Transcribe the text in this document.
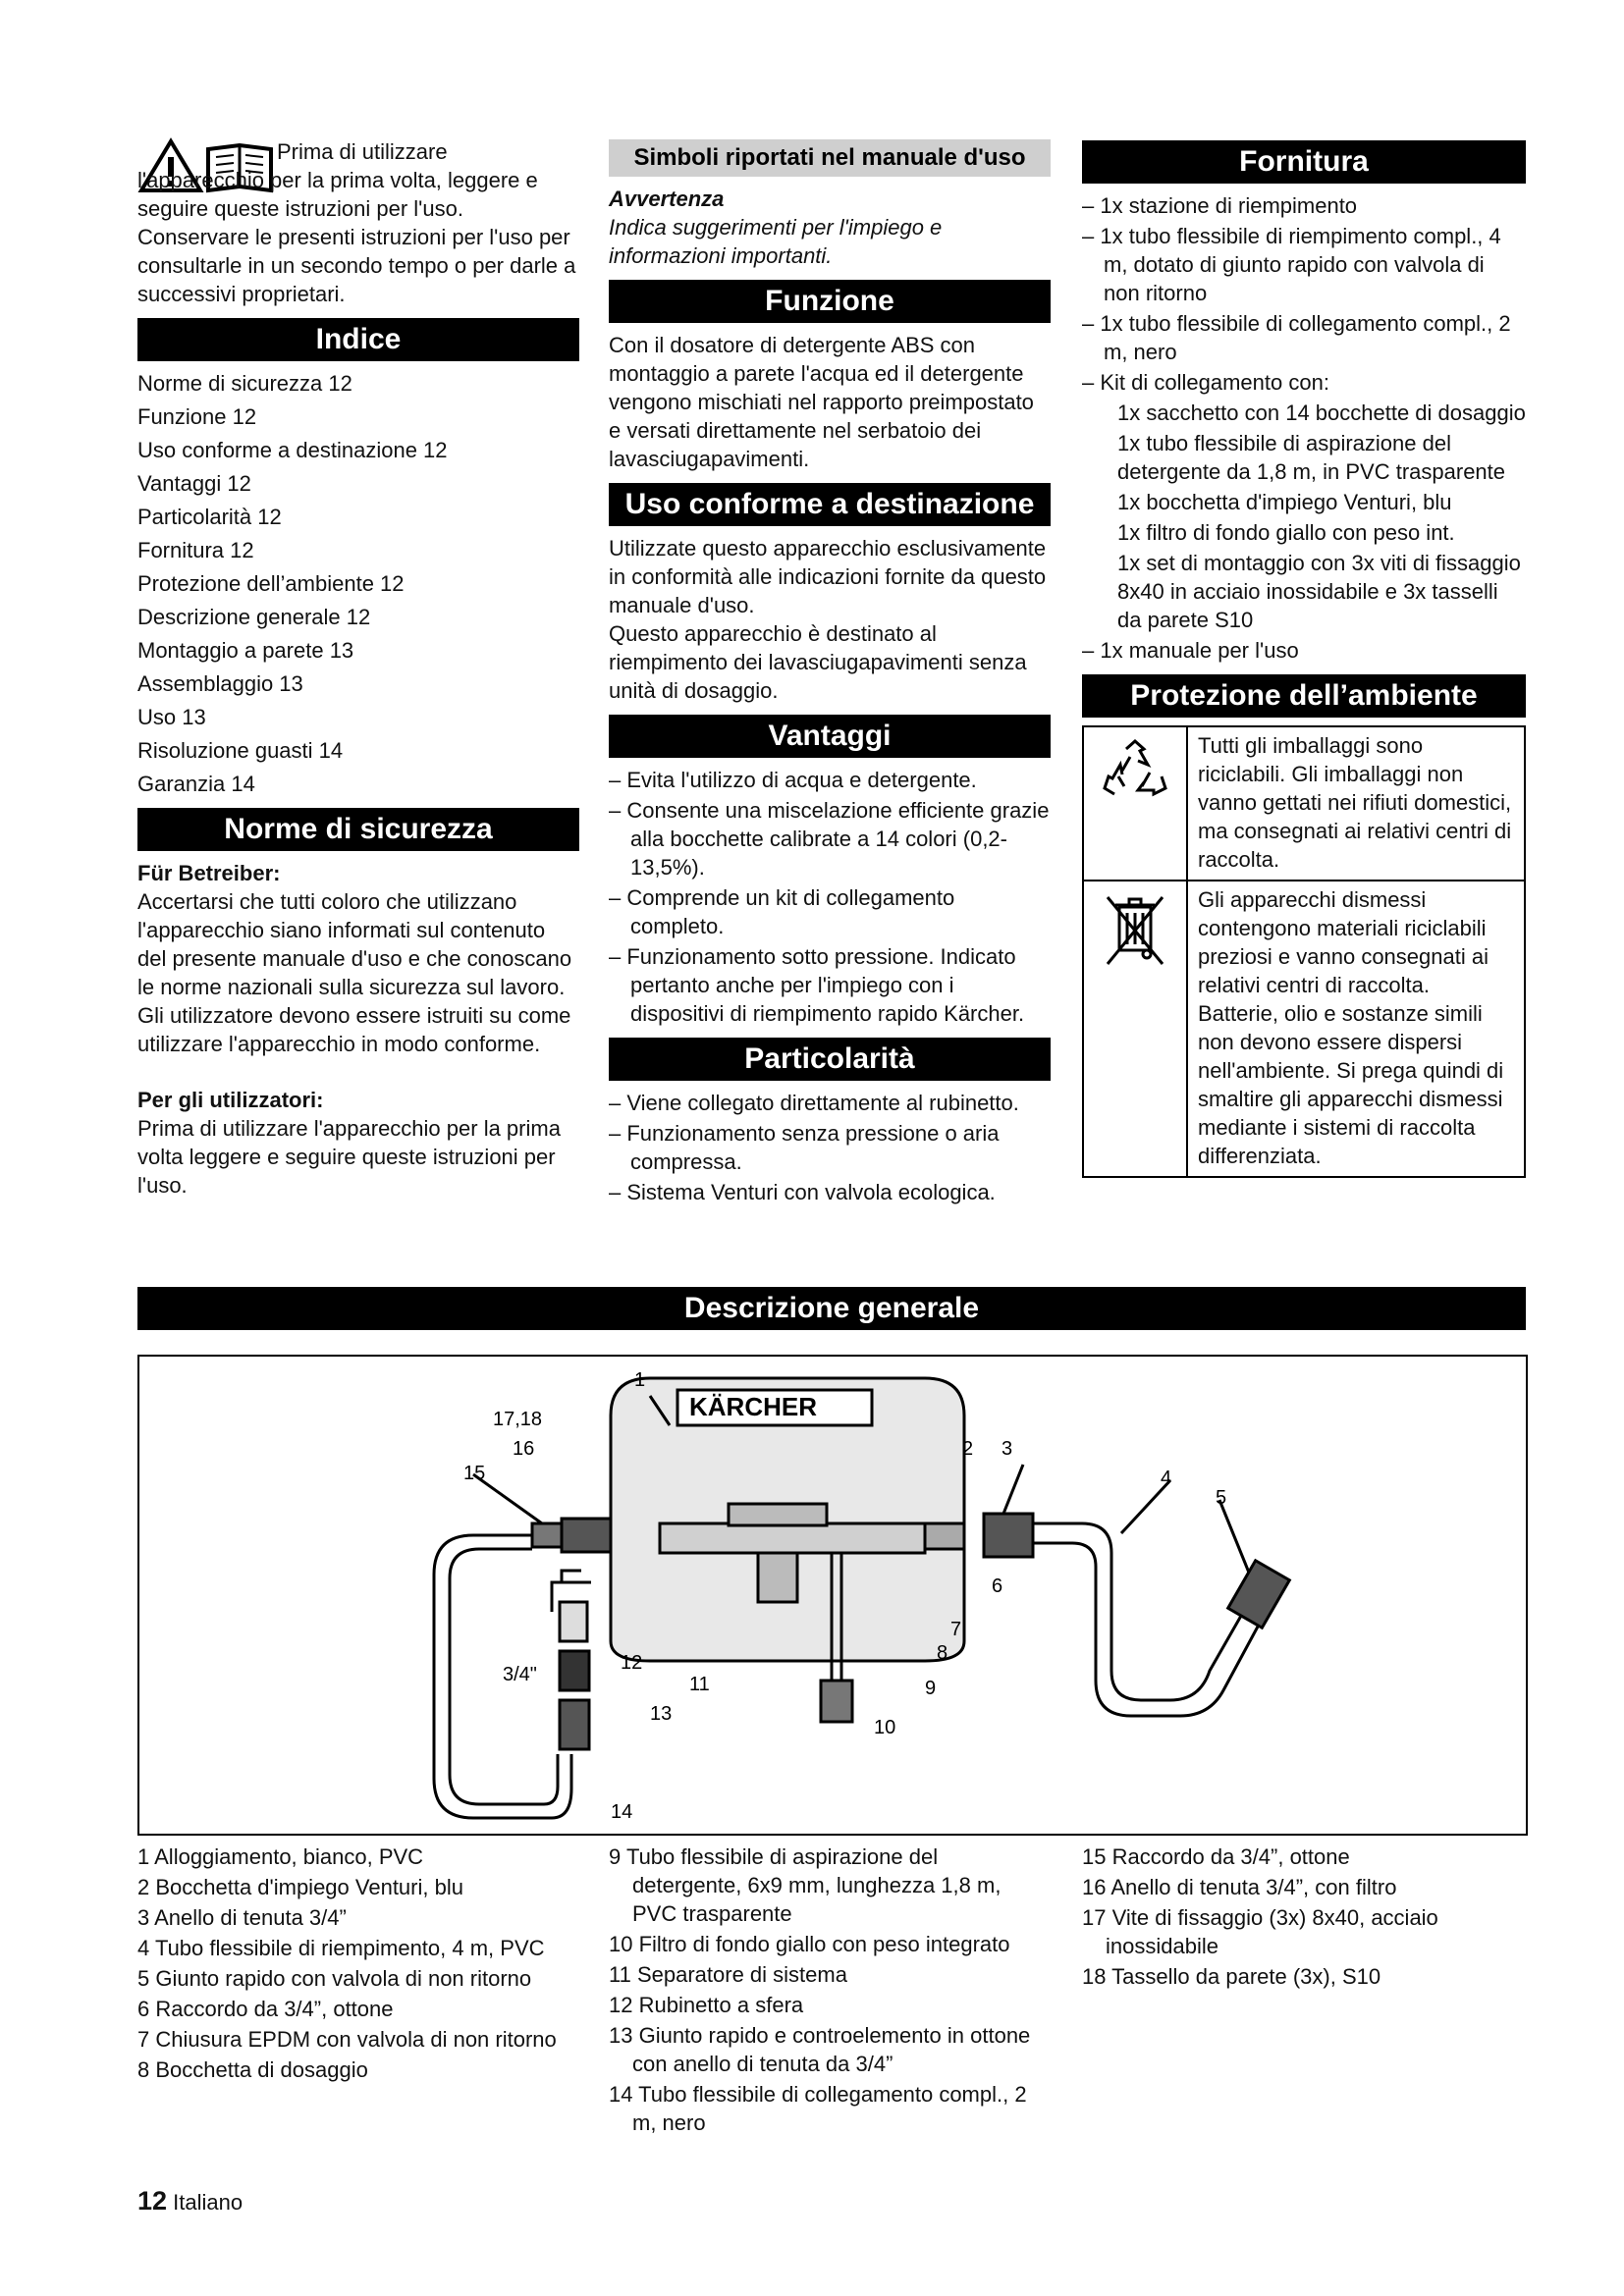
Prima di utilizzare l'apparecchio per la prima volta, leggere e seguire queste istruzioni per l'uso. Conservare le presenti istruzioni per l'uso per consultarle in un secondo tempo o per darle a successivi proprietari.

Indice
Norme di sicurezza 12
Funzione 12
Uso conforme a destinazione 12
Vantaggi 12
Particolarità 12
Fornitura 12
Protezione dell’ambiente 12
Descrizione generale 12
Montaggio a parete 13
Assemblaggio 13
Uso 13
Risoluzione guasti 14
Garanzia 14
Norme di sicurezza

Für Betreiber:

Accertarsi che tutti coloro che utilizzano l'apparecchio siano informati sul contenuto del presente manuale d'uso e che conoscano le norme nazionali sulla sicurezza sul lavoro. Gli utilizzatore devono essere istruiti su come utilizzare l'apparecchio in modo conforme.

Per gli utilizzatori:

Prima di utilizzare l'apparecchio per la prima volta leggere e seguire queste istruzioni per l'uso.

Simboli riportati nel manuale d'uso

Avvertenza

Indica suggerimenti per l'impiego e informazioni importanti.

Funzione

Con il dosatore di detergente ABS con montaggio a parete l'acqua ed il detergente vengono mischiati nel rapporto preimpostato e versati direttamente nel serbatoio dei lavasciugapavimenti.

Uso conforme a destinazione

Utilizzate questo apparecchio esclusivamente in conformità alle indicazioni fornite da questo manuale d'uso.

Questo apparecchio è destinato al riempimento dei lavasciugapavimenti senza unità di dosaggio.

Vantaggi
– Evita l'utilizzo di acqua e detergente.
– Consente una miscelazione efficiente grazie alla bocchette calibrate a 14 colori (0,2-13,5%).
– Comprende un kit di collegamento completo.
– Funzionamento sotto pressione. Indicato pertanto anche per l'impiego con i dispositivi di riempimento rapido Kärcher.
Particolarità
– Viene collegato direttamente al rubinetto.
– Funzionamento senza pressione o aria compressa.
– Sistema Venturi con valvola ecologica.
Fornitura
– 1x stazione di riempimento
– 1x tubo flessibile di riempimento compl., 4 m, dotato di giunto rapido con valvola di non ritorno
– 1x tubo flessibile di collegamento compl., 2 m, nero
– Kit di collegamento con:
1x sacchetto con 14 bocchette di dosaggio
1x tubo flessibile di aspirazione del detergente da 1,8 m, in PVC trasparente
1x bocchetta d'impiego Venturi, blu
1x filtro di fondo giallo con peso int.
1x set di montaggio con 3x viti di fissaggio 8x40 in acciaio inossidabile e 3x tasselli da parete S10
– 1x manuale per l'uso
Protezione dell’ambiente
Tutti gli imballaggi sono riciclabili. Gli imballaggi non vanno gettati nei rifiuti domestici, ma consegnati ai relativi centri di raccolta.
Gli apparecchi dismessi contengono materiali riciclabili preziosi e vanno consegnati ai relativi centri di raccolta. Batterie, olio e sostanze simili non devono essere dispersi nell'ambiente. Si prega quindi di smaltire gli apparecchi dismessi mediante i sistemi di raccolta differenziata.
Descrizione generale
KÄRCHER
1
17,18
16
15
2 3
4
5
6
7
8
9
10
11
12
13
14
3/4"
1 Alloggiamento, bianco, PVC
2 Bocchetta d'impiego Venturi, blu
3 Anello di tenuta 3/4”
4 Tubo flessibile di riempimento, 4 m, PVC
5 Giunto rapido con valvola di non ritorno
6 Raccordo da 3/4”, ottone
7 Chiusura EPDM con valvola di non ritorno
8 Bocchetta di dosaggio
9 Tubo flessibile di aspirazione del detergente, 6x9 mm, lunghezza 1,8 m, PVC trasparente
10 Filtro di fondo giallo con peso integrato
11 Separatore di sistema
12 Rubinetto a sfera
13 Giunto rapido e controelemento in ottone con anello di tenuta da 3/4”
14 Tubo flessibile di collegamento compl., 2 m, nero
15 Raccordo da 3/4”, ottone
16 Anello di tenuta 3/4”, con filtro
17 Vite di fissaggio (3x) 8x40, acciaio inossidabile
18 Tassello da parete (3x), S10
12 Italiano
